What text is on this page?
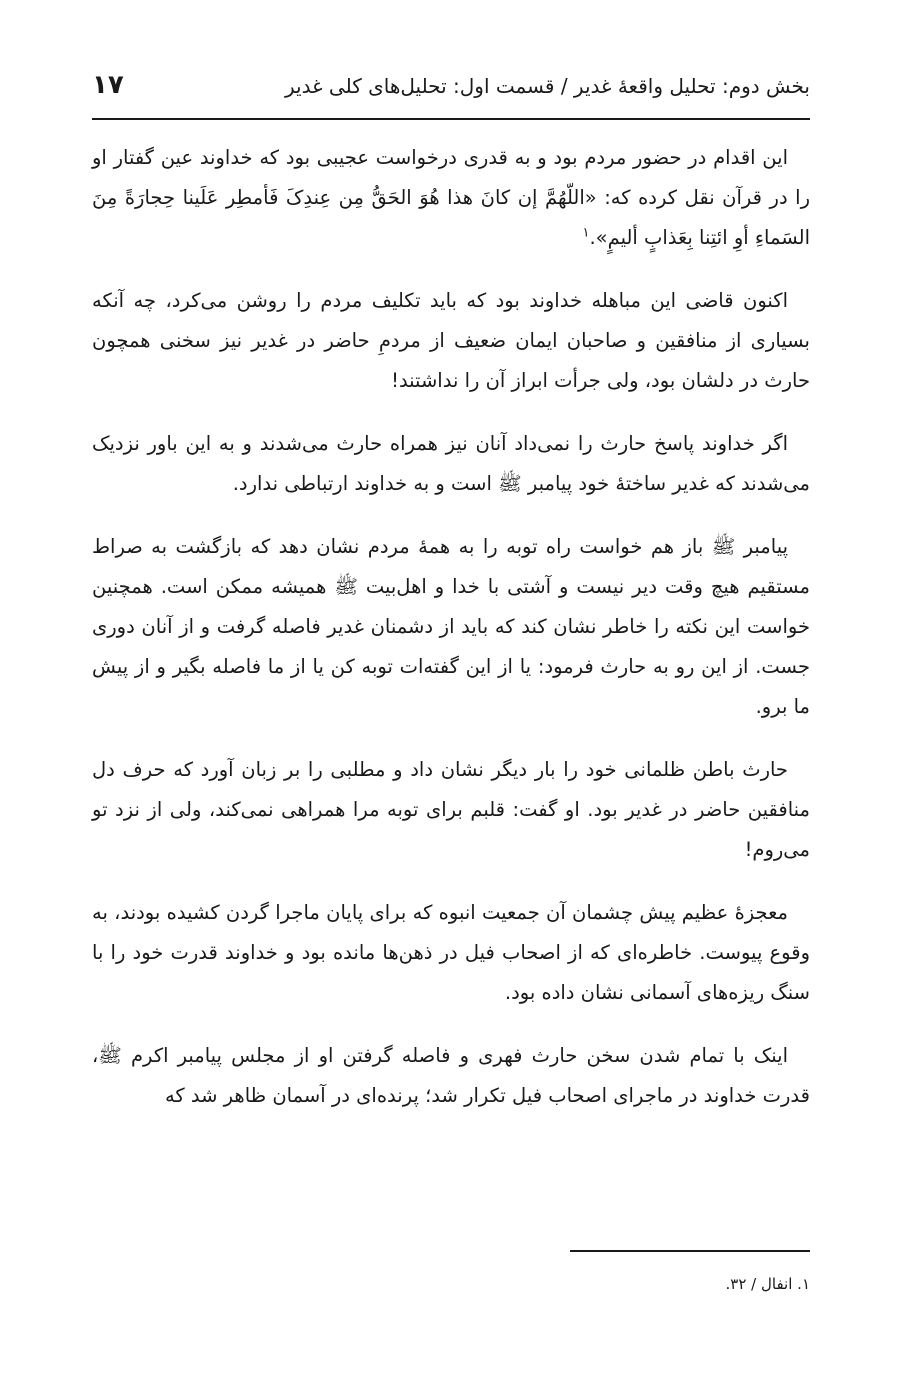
بخش دوم: تحلیل واقعهٔ غدیر / قسمت اول: تحلیل‌های کلی غدیر
۱۷

این اقدام در حضور مردم بود و به قدری درخواست عجیبی بود که خداوند عین گفتار او را در قرآن نقل کرده که: «اللّهُمَّ إن کانَ هذا هُوَ الحَقُّ مِن عِندِکَ فَأمطِر عَلَینا حِجارَةً مِنَ السَماءِ أوِ ائتِنا بِعَذابٍ ألیمٍ».$^۱$

اکنون قاضی این مباهله خداوند بود که باید تکلیف مردم را روشن می‌کرد، چه آنکه بسیاری از منافقین و صاحبان ایمان ضعیف از مردمِ حاضر در غدیر نیز سخنی همچون حارث در دلشان بود، ولی جرأت ابراز آن را نداشتند!

اگر خداوند پاسخ حارث را نمی‌داد آنان نیز همراه حارث می‌شدند و به این باور نزدیک می‌شدند که غدیر ساختهٔ خود پیامبر ﷺ است و به خداوند ارتباطی ندارد.

پیامبر ﷺ باز هم خواست راه توبه را به همهٔ مردم نشان دهد که بازگشت به صراط مستقیم هیچ وقت دیر نیست و آشتی با خدا و اهل‌بیت ﷺ همیشه ممکن است. همچنین خواست این نکته را خاطر نشان کند که باید از دشمنان غدیر فاصله گرفت و از آنان دوری جست. از این رو به حارث فرمود: یا از این گفته‌ات توبه کن یا از ما فاصله بگیر و از پیش ما برو.

حارث باطن ظلمانی خود را بار دیگر نشان داد و مطلبی را بر زبان آورد که حرف دل منافقین حاضر در غدیر بود. او گفت: قلبم برای توبه مرا همراهی نمی‌کند، ولی از نزد تو می‌روم!

معجزهٔ عظیم پیش چشمان آن جمعیت انبوه که برای پایان ماجرا گردن کشیده بودند، به وقوع پیوست. خاطره‌ای که از اصحاب فیل در ذهن‌ها مانده بود و خداوند قدرت خود را با سنگ ریزه‌های آسمانی نشان داده بود.

اینک با تمام شدن سخن حارث فهری و فاصله گرفتن او از مجلس پیامبر اکرم ﷺ، قدرت خداوند در ماجرای اصحاب فیل تکرار شد؛ پرنده‌ای در آسمان ظاهر شد که

۱. انفال / ۳۲.
